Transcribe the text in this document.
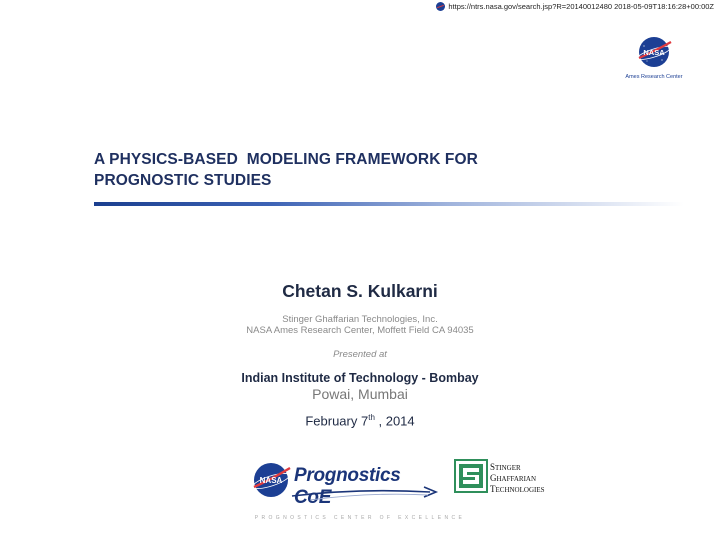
https://ntrs.nasa.gov/search.jsp?R=20140012480 2018-05-09T18:16:28+00:00Z
NASA
Ames Research Center
A PHYSICS-BASED  MODELING FRAMEWORK FOR
PROGNOSTIC STUDIES
Chetan S. Kulkarni
Stinger Ghaffarian Technologies, Inc.
NASA Ames Research Center, Moffett Field CA 94035
Presented at
Indian Institute of Technology - Bombay
Powai, Mumbai
February 7th , 2014
NASA Prognostics CoE
STINGER
GHAFFARIAN
TECHNOLOGIES
PROGNOSTICS CENTER OF EXCELLENCE
